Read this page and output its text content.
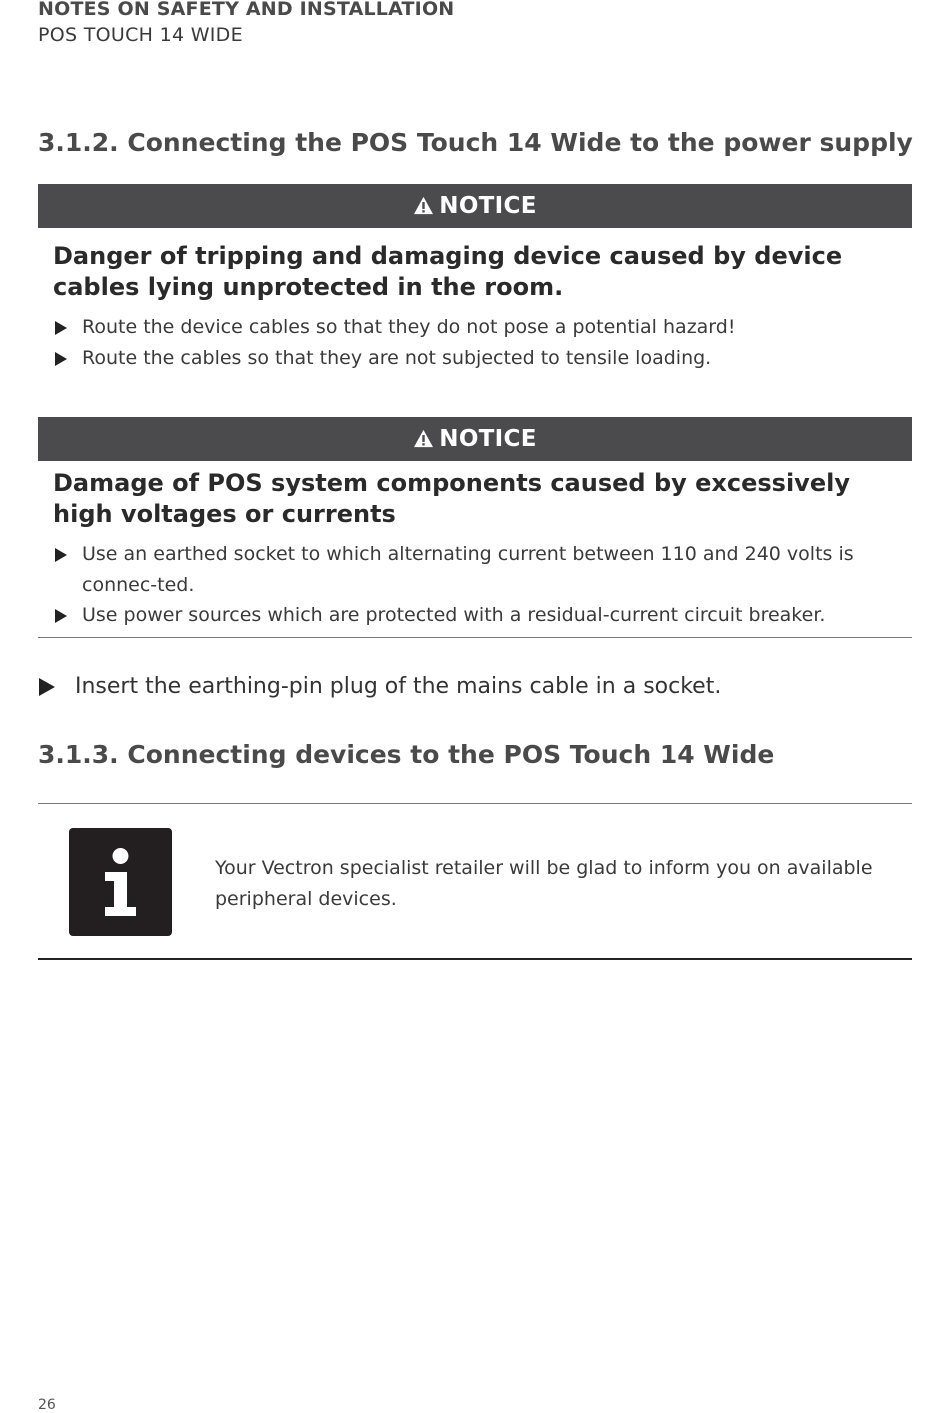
NOTES ON SAFETY AND INSTALLATION
POS TOUCH 14 WIDE
3.1.2. Connecting the POS Touch 14 Wide to the power supply
NOTICE
Danger of tripping and damaging device caused by device cables lying unprotected in the room.
Route the device cables so that they do not pose a potential hazard!
Route the cables so that they are not subjected to tensile loading.
NOTICE
Damage of POS system components caused by excessively high voltages or currents
Use an earthed socket to which alternating current between 110 and 240 volts is connec-ted.
Use power sources which are protected with a residual-current circuit breaker.
Insert the earthing-pin plug of the mains cable in a socket.
3.1.3. Connecting devices to the POS Touch 14 Wide
Your Vectron specialist retailer will be glad to inform you on available peripheral devices.
26
